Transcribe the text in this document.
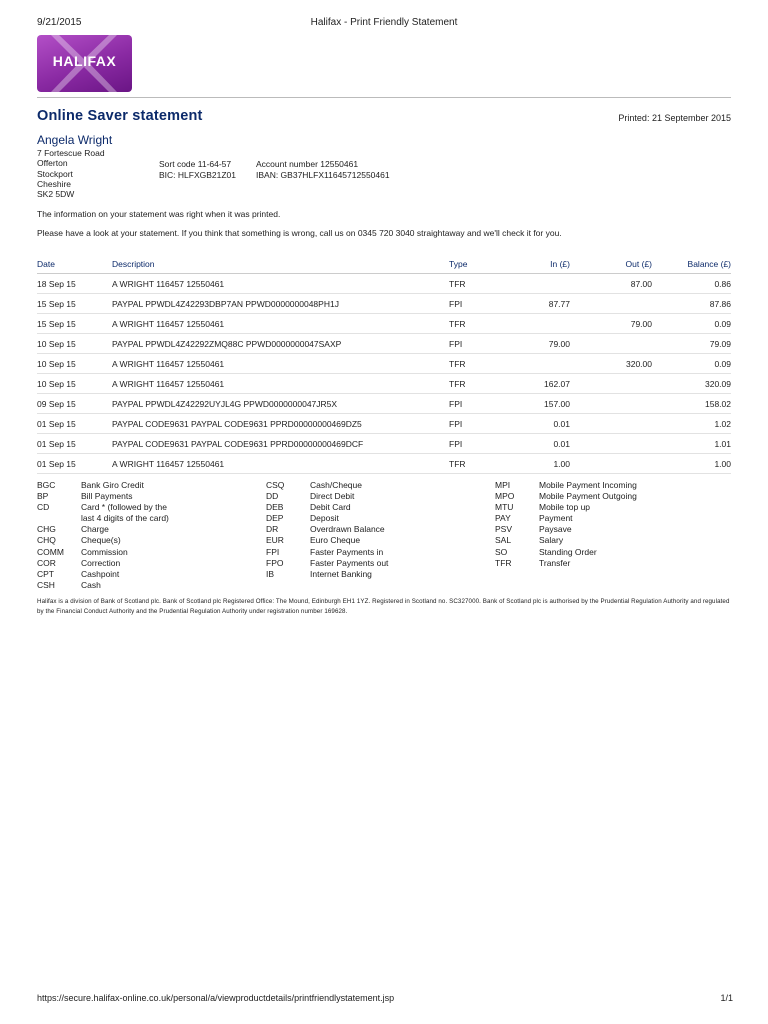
9/21/2015	Halifax - Print Friendly Statement
HALIFAX
Online Saver statement	Printed: 21 September 2015
Angela Wright
7 Fortescue Road
Offerton
Stockport
Cheshire
SK2 5DW
Sort code 11-64-57
BIC: HLFXGB21Z01
Account number 12550461
IBAN: GB37HLFX11645712550461
The information on your statement was right when it was printed.
Please have a look at your statement. If you think that something is wrong, call us on 0345 720 3040 straightaway and we'll check it for you.
Date	Description	Type	In (£)	Out (£)	Balance (£)
18 Sep 15	A WRIGHT 116457 12550461	TFR		87.00	0.86
15 Sep 15	PAYPAL PPWDL4Z42293DBP7AN PPWD0000000048PH1J	FPI	87.77		87.86
15 Sep 15	A WRIGHT 116457 12550461	TFR		79.00	0.09
10 Sep 15	PAYPAL PPWDL4Z42292ZMQ88C PPWD0000000047SAXP	FPI	79.00		79.09
10 Sep 15	A WRIGHT 116457 12550461	TFR		320.00	0.09
10 Sep 15	A WRIGHT 116457 12550461	TFR	162.07		320.09
09 Sep 15	PAYPAL PPWDL4Z42292UYJL4G PPWD0000000047JR5X	FPI	157.00		158.02
01 Sep 15	PAYPAL CODE9631 PAYPAL CODE9631 PPRD00000000469DZ5	FPI	0.01		1.02
01 Sep 15	PAYPAL CODE9631 PAYPAL CODE9631 PPRD00000000469DCF	FPI	0.01		1.01
01 Sep 15	A WRIGHT 116457 12550461	TFR	1.00		1.00
BGC	Bank Giro Credit
BP	Bill Payments
CD	Card * (followed by the
last 4 digits of the card)
CHG	Charge
CHQ	Cheque(s)
COMM	Commission
COR	Correction
CPT	Cashpoint
CSH	Cash
CSQ	Cash/Cheque
DD	Direct Debit
DEB	Debit Card
DEP	Deposit
DR	Overdrawn Balance
EUR	Euro Cheque
FPI	Faster Payments in
FPO	Faster Payments out
IB	Internet Banking
MPI	Mobile Payment Incoming
MPO	Mobile Payment Outgoing
MTU	Mobile top up
PAY	Payment
PSV	Paysave
SAL	Salary
SO	Standing Order
TFR	Transfer
Halifax is a division of Bank of Scotland plc. Bank of Scotland plc Registered Office: The Mound, Edinburgh EH1 1YZ. Registered in Scotland no. SC327000. Bank of Scotland plc is authorised by the Prudential Regulation Authority and regulated by the Financial Conduct Authority and the Prudential Regulation Authority under registration number 169628.
https://secure.halifax-online.co.uk/personal/a/viewproductdetails/printfriendlystatement.jsp	1/1
